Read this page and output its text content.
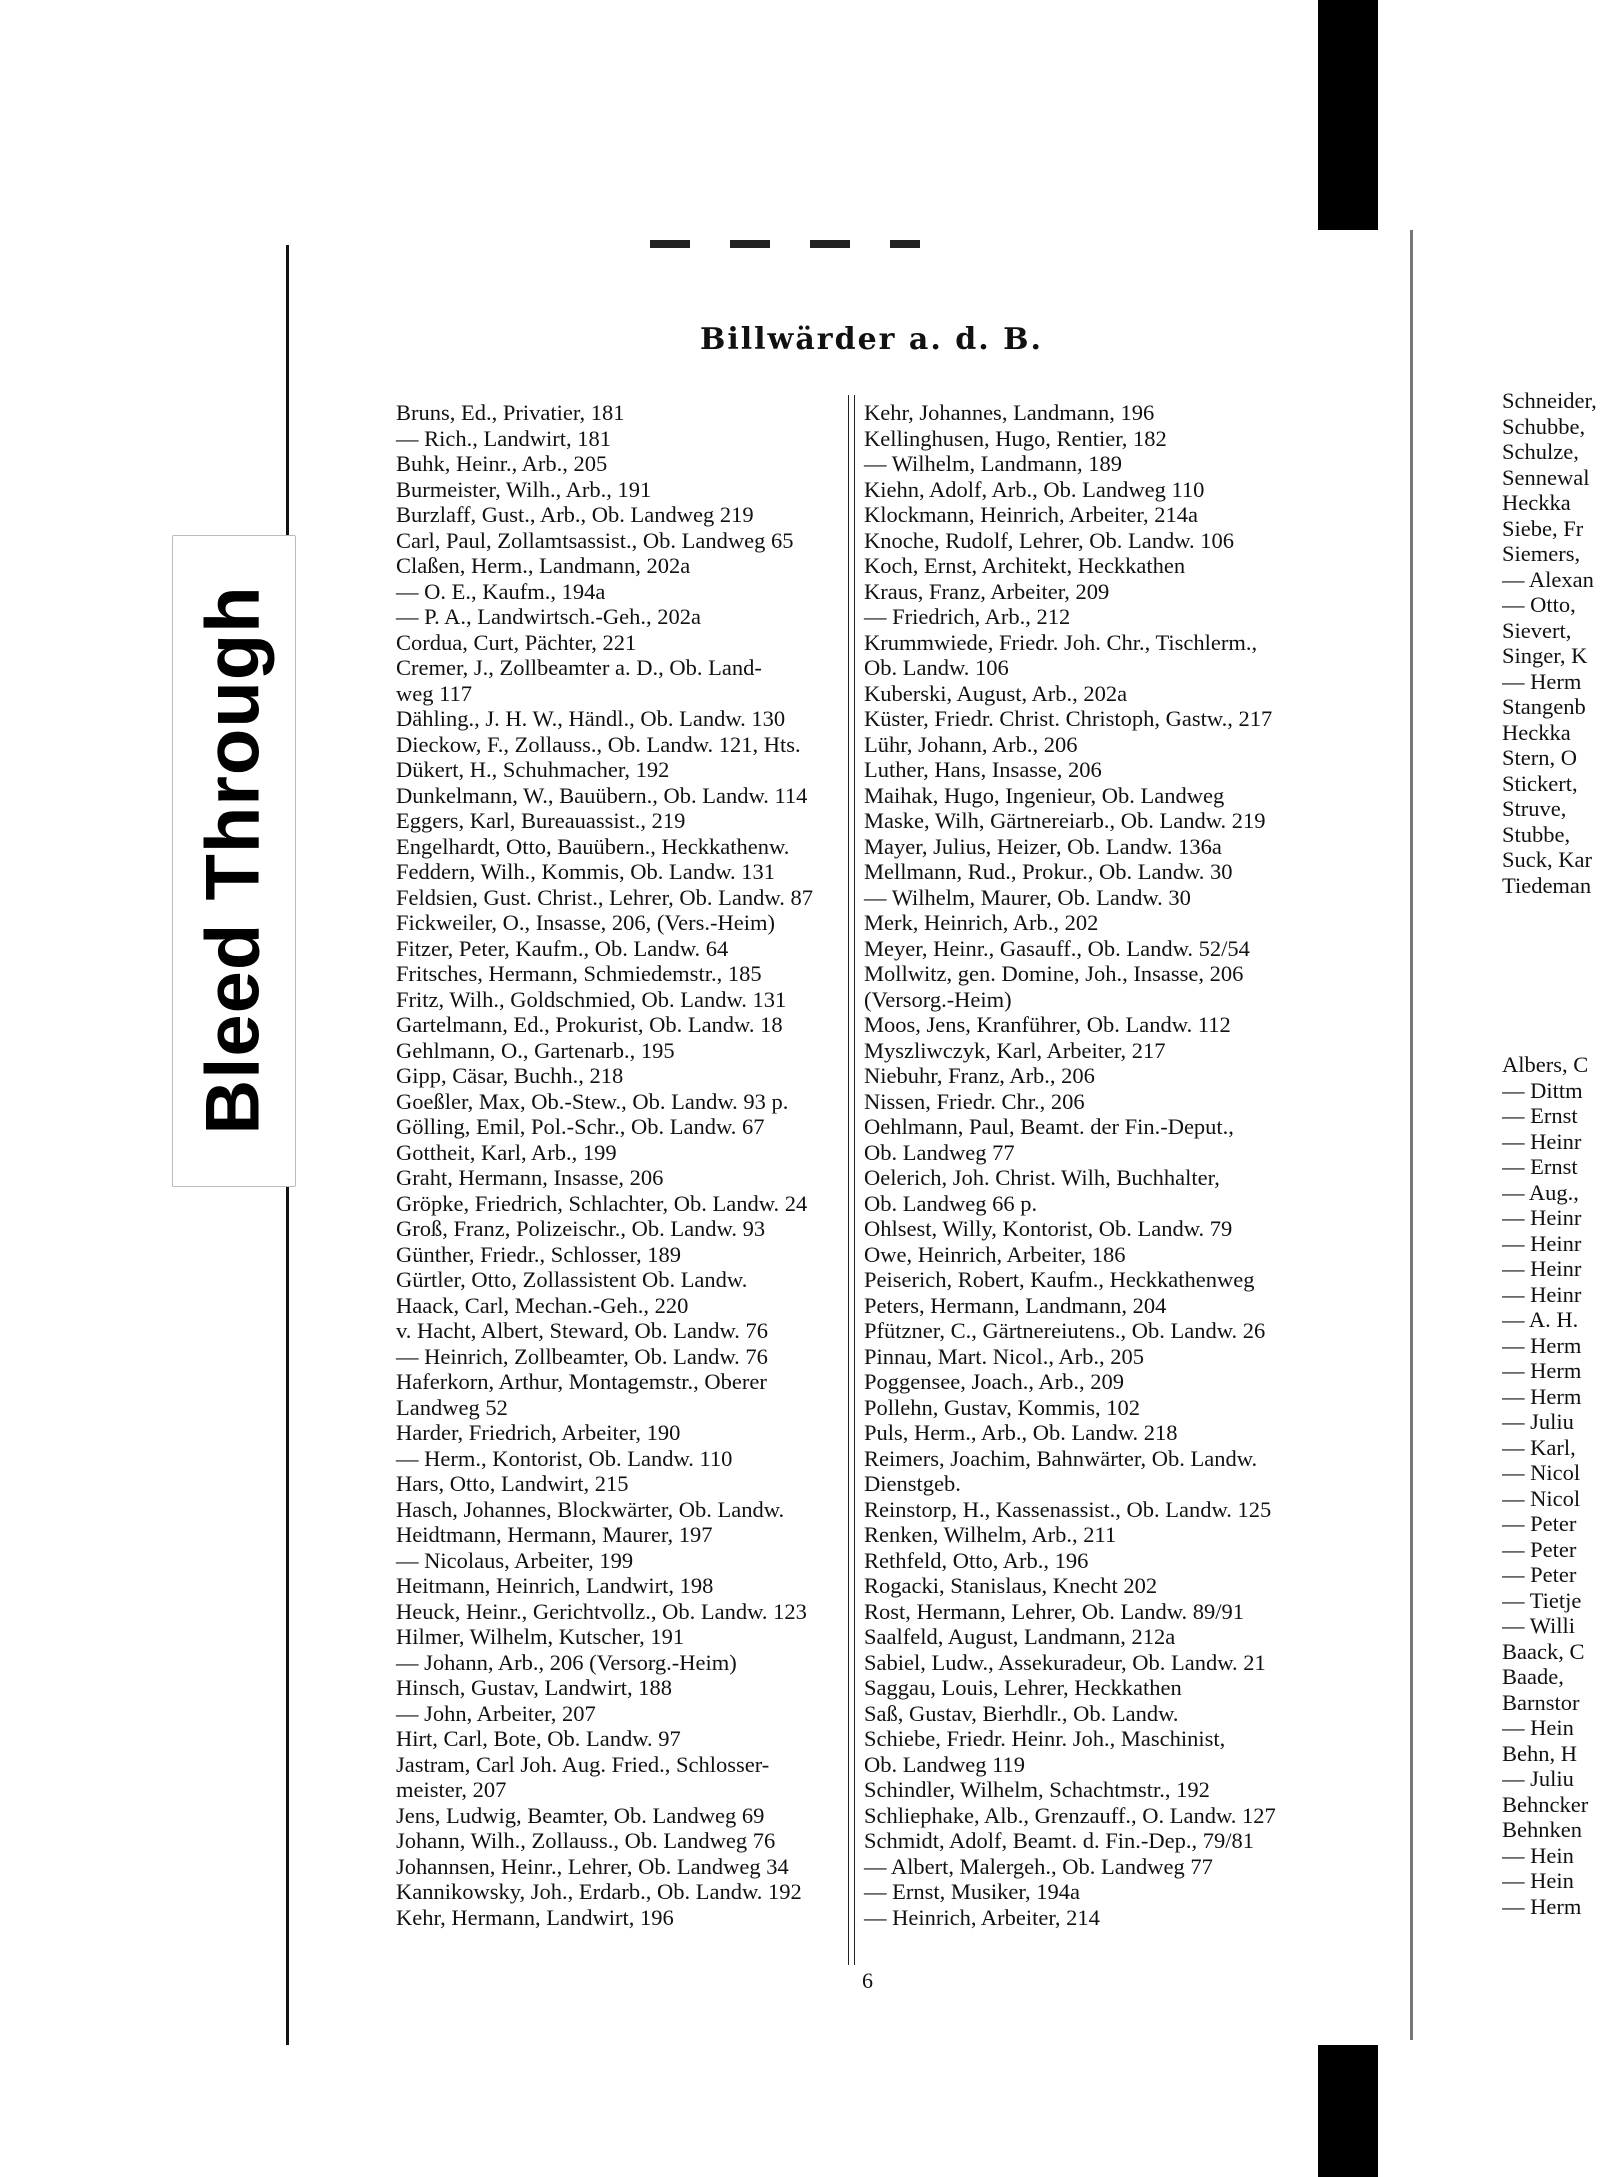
Bleed Through
Billwärder a. d. B.
Bruns, Ed., Privatier, 181
— Rich., Landwirt, 181
Buhk, Heinr., Arb., 205
Burmeister, Wilh., Arb., 191
Burzlaff, Gust., Arb., Ob. Landweg 219
Carl, Paul, Zollamtsassist., Ob. Landweg 65
Claßen, Herm., Landmann, 202a
— O. E., Kaufm., 194a
— P. A., Landwirtsch.-Geh., 202a
Cordua, Curt, Pächter, 221
Cremer, J., Zollbeamter a. D., Ob. Land-
weg 117
Dähling., J. H. W., Händl., Ob. Landw. 130
Dieckow, F., Zollauss., Ob. Landw. 121, Hts.
Dükert, H., Schuhmacher, 192
Dunkelmann, W., Bauübern., Ob. Landw. 114
Eggers, Karl, Bureauassist., 219
Engelhardt, Otto, Bauübern., Heckkathenw.
Feddern, Wilh., Kommis, Ob. Landw. 131
Feldsien, Gust. Christ., Lehrer, Ob. Landw. 87
Fickweiler, O., Insasse, 206, (Vers.-Heim)
Fitzer, Peter, Kaufm., Ob. Landw. 64
Fritsches, Hermann, Schmiedemstr., 185
Fritz, Wilh., Goldschmied, Ob. Landw. 131
Gartelmann, Ed., Prokurist, Ob. Landw. 18
Gehlmann, O., Gartenarb., 195
Gipp, Cäsar, Buchh., 218
Goeßler, Max, Ob.-Stew., Ob. Landw. 93 p.
Gölling, Emil, Pol.-Schr., Ob. Landw. 67
Gottheit, Karl, Arb., 199
Graht, Hermann, Insasse, 206
Gröpke, Friedrich, Schlachter, Ob. Landw. 24
Groß, Franz, Polizeischr., Ob. Landw. 93
Günther, Friedr., Schlosser, 189
Gürtler, Otto, Zollassistent Ob. Landw.
Haack, Carl, Mechan.-Geh., 220
v. Hacht, Albert, Steward, Ob. Landw. 76
— Heinrich, Zollbeamter, Ob. Landw. 76
Haferkorn, Arthur, Montagemstr., Oberer
Landweg 52
Harder, Friedrich, Arbeiter, 190
— Herm., Kontorist, Ob. Landw. 110
Hars, Otto, Landwirt, 215
Hasch, Johannes, Blockwärter, Ob. Landw.
Heidtmann, Hermann, Maurer, 197
— Nicolaus, Arbeiter, 199
Heitmann, Heinrich, Landwirt, 198
Heuck, Heinr., Gerichtvollz., Ob. Landw. 123
Hilmer, Wilhelm, Kutscher, 191
— Johann, Arb., 206 (Versorg.-Heim)
Hinsch, Gustav, Landwirt, 188
— John, Arbeiter, 207
Hirt, Carl, Bote, Ob. Landw. 97
Jastram, Carl Joh. Aug. Fried., Schlosser-
meister, 207
Jens, Ludwig, Beamter, Ob. Landweg 69
Johann, Wilh., Zollauss., Ob. Landweg 76
Johannsen, Heinr., Lehrer, Ob. Landweg 34
Kannikowsky, Joh., Erdarb., Ob. Landw. 192
Kehr, Hermann, Landwirt, 196
Kehr, Johannes, Landmann, 196
Kellinghusen, Hugo, Rentier, 182
— Wilhelm, Landmann, 189
Kiehn, Adolf, Arb., Ob. Landweg 110
Klockmann, Heinrich, Arbeiter, 214a
Knoche, Rudolf, Lehrer, Ob. Landw. 106
Koch, Ernst, Architekt, Heckkathen
Kraus, Franz, Arbeiter, 209
— Friedrich, Arb., 212
Krummwiede, Friedr. Joh. Chr., Tischlerm.,
Ob. Landw. 106
Kuberski, August, Arb., 202a
Küster, Friedr. Christ. Christoph, Gastw., 217
Lühr, Johann, Arb., 206
Luther, Hans, Insasse, 206
Maihak, Hugo, Ingenieur, Ob. Landweg
Maske, Wilh, Gärtnereiarb., Ob. Landw. 219
Mayer, Julius, Heizer, Ob. Landw. 136a
Mellmann, Rud., Prokur., Ob. Landw. 30
— Wilhelm, Maurer, Ob. Landw. 30
Merk, Heinrich, Arb., 202
Meyer, Heinr., Gasauff., Ob. Landw. 52/54
Mollwitz, gen. Domine, Joh., Insasse, 206
(Versorg.-Heim)
Moos, Jens, Kranführer, Ob. Landw. 112
Myszliwczyk, Karl, Arbeiter, 217
Niebuhr, Franz, Arb., 206
Nissen, Friedr. Chr., 206
Oehlmann, Paul, Beamt. der Fin.-Deput.,
Ob. Landweg 77
Oelerich, Joh. Christ. Wilh, Buchhalter,
Ob. Landweg 66 p.
Ohlsest, Willy, Kontorist, Ob. Landw. 79
Owe, Heinrich, Arbeiter, 186
Peiserich, Robert, Kaufm., Heckkathenweg
Peters, Hermann, Landmann, 204
Pfützner, C., Gärtnereiutens., Ob. Landw. 26
Pinnau, Mart. Nicol., Arb., 205
Poggensee, Joach., Arb., 209
Pollehn, Gustav, Kommis, 102
Puls, Herm., Arb., Ob. Landw. 218
Reimers, Joachim, Bahnwärter, Ob. Landw.
Dienstgeb.
Reinstorp, H., Kassenassist., Ob. Landw. 125
Renken, Wilhelm, Arb., 211
Rethfeld, Otto, Arb., 196
Rogacki, Stanislaus, Knecht 202
Rost, Hermann, Lehrer, Ob. Landw. 89/91
Saalfeld, August, Landmann, 212a
Sabiel, Ludw., Assekuradeur, Ob. Landw. 21
Saggau, Louis, Lehrer, Heckkathen
Saß, Gustav, Bierhdlr., Ob. Landw.
Schiebe, Friedr. Heinr. Joh., Maschinist,
Ob. Landweg 119
Schindler, Wilhelm, Schachtmstr., 192
Schliephake, Alb., Grenzauff., O. Landw. 127
Schmidt, Adolf, Beamt. d. Fin.-Dep., 79/81
— Albert, Malergeh., Ob. Landweg 77
— Ernst, Musiker, 194a
— Heinrich, Arbeiter, 214
Schneider,
Schubbe,
Schulze,
Sennewal
Heckka
Siebe, Fr
Siemers,
— Alexan
— Otto,
Sievert,
Singer, K
— Herm
Stangenb
Heckka
Stern, O
Stickert,
Struve,
Stubbe,
Suck, Kar
Tiedeman
Albers, C
— Dittm
— Ernst
— Heinr
— Ernst
— Aug.,
— Heinr
— Heinr
— Heinr
— Heinr
— A. H.
— Herm
— Herm
— Herm
— Juliu
— Karl,
— Nicol
— Nicol
— Peter
— Peter
— Peter
— Tietje
— Willi
Baack, C
Baade,
Barnstor
— Hein
Behn, H
— Juliu
Behncker
Behnken
— Hein
— Hein
— Herm
6
